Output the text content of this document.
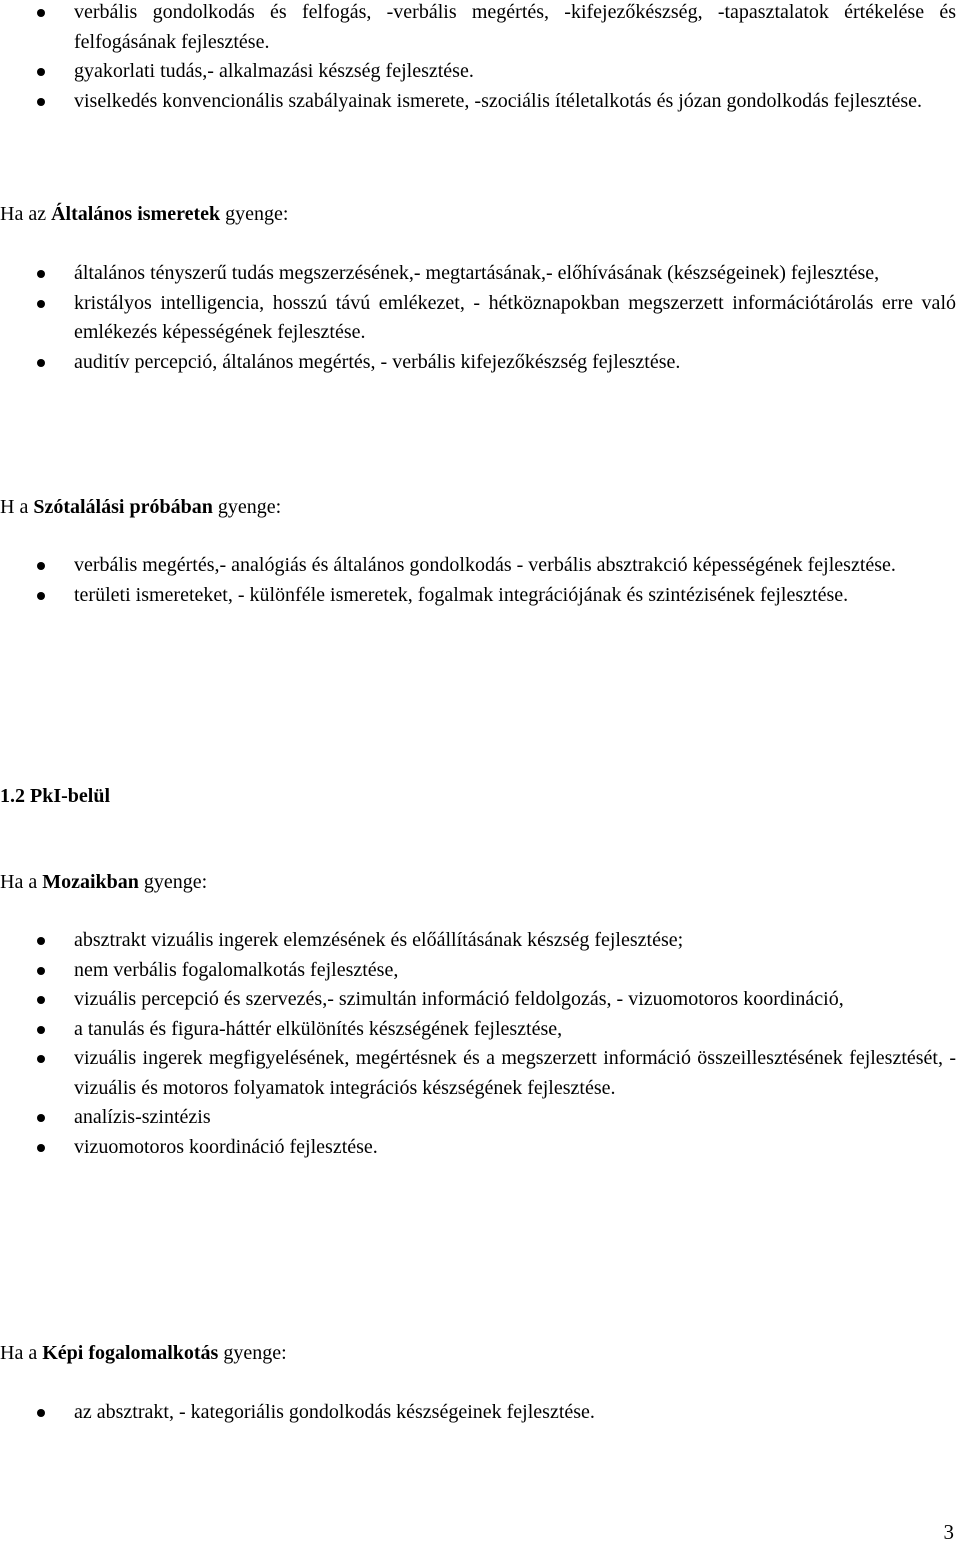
verbális gondolkodás és felfogás, -verbális megértés, -kifejezőkészség, -tapasztalatok értékelése és felfogásának fejlesztése.
gyakorlati tudás,- alkalmazási készség fejlesztése.
viselkedés konvencionális szabályainak ismerete, -szociális ítéletalkotás és józan gondolkodás fejlesztése.
Ha az Általános ismeretek gyenge:
általános tényszerű tudás megszerzésének,- megtartásának,- előhívásának (készségeinek) fejlesztése,
kristályos intelligencia, hosszú távú emlékezet, - hétköznapokban megszerzett információtárolás erre való emlékezés képességének fejlesztése.
auditív percepció, általános megértés, - verbális kifejezőkészség fejlesztése.
H a Szótalálási próbában gyenge:
verbális megértés,- analógiás és általános gondolkodás - verbális absztrakció képességének fejlesztése.
területi ismereteket, - különféle ismeretek, fogalmak integrációjának és szintézisének fejlesztése.
1.2 PkI-belül
Ha a Mozaikban gyenge:
absztrakt vizuális ingerek elemzésének és előállításának készség fejlesztése;
nem verbális fogalomalkotás fejlesztése,
vizuális percepció és szervezés,- szimultán információ feldolgozás, - vizuomotoros koordináció,
a tanulás és figura-háttér elkülönítés készségének fejlesztése,
vizuális ingerek megfigyelésének, megértésnek és a megszerzett információ összeillesztésének fejlesztését, - vizuális és motoros folyamatok integrációs készségének fejlesztése.
analízis-szintézis
vizuomotoros koordináció fejlesztése.
Ha a Képi fogalomalkotás gyenge:
az absztrakt, - kategoriális gondolkodás készségeinek fejlesztése.
3
